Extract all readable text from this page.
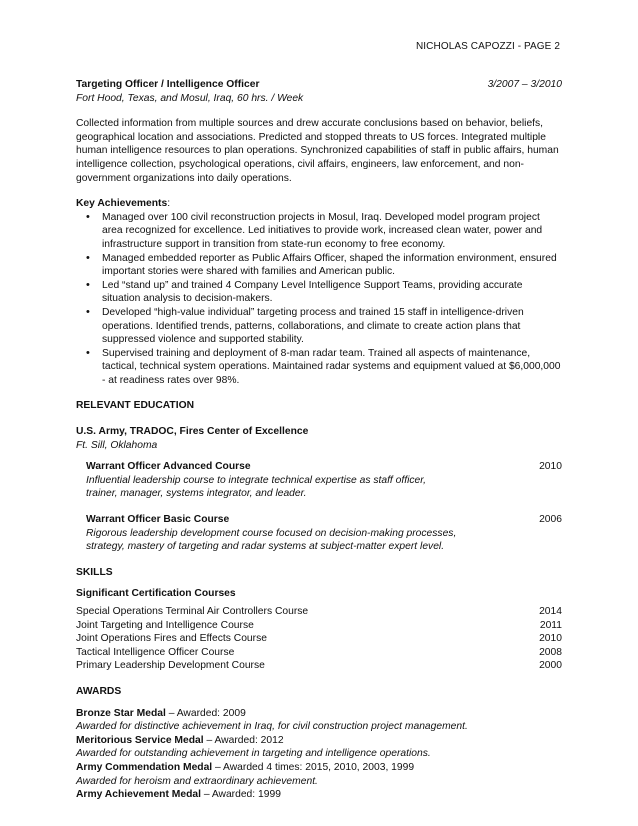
NICHOLAS CAPOZZI - PAGE 2
Targeting Officer / Intelligence Officer	3/2007 – 3/2010
Fort Hood, Texas, and Mosul, Iraq, 60 hrs. / Week

Collected information from multiple sources and drew accurate conclusions based on behavior, beliefs, geographical location and associations. Predicted and stopped threats to US forces. Integrated multiple human intelligence resources to plan operations. Synchronized capabilities of staff in public affairs, human intelligence collection, psychological operations, civil affairs, engineers, law enforcement, and non-government organizations into daily operations.

Key Achievements:
• Managed over 100 civil reconstruction projects in Mosul, Iraq. Developed model program project area recognized for excellence. Led initiatives to provide work, increased clean water, power and infrastructure support in transition from state-run economy to free economy.
• Managed embedded reporter as Public Affairs Officer, shaped the information environment, ensured important stories were shared with families and American public.
• Led “stand up” and trained 4 Company Level Intelligence Support Teams, providing accurate situation analysis to decision-makers.
• Developed “high-value individual” targeting process and trained 15 staff in intelligence-driven operations. Identified trends, patterns, collaborations, and climate to create action plans that suppressed violence and supported stability.
• Supervised training and deployment of 8-man radar team. Trained all aspects of maintenance, tactical, technical system operations. Maintained radar systems and equipment valued at $6,000,000 - at readiness rates over 98%.
RELEVANT EDUCATION
U.S. Army, TRADOC, Fires Center of Excellence
Ft. Sill, Oklahoma
Warrant Officer Advanced Course	2010
Influential leadership course to integrate technical expertise as staff officer,
trainer, manager, systems integrator, and leader.
Warrant Officer Basic Course	2006
Rigorous leadership development course focused on decision-making processes,
strategy, mastery of targeting and radar systems at subject-matter expert level.
SKILLS
Significant Certification Courses
Special Operations Terminal Air Controllers Course	2014
Joint Targeting and Intelligence Course	2011
Joint Operations Fires and Effects Course	2010
Tactical Intelligence Officer Course	2008
Primary Leadership Development Course	2000
AWARDS
Bronze Star Medal – Awarded: 2009
Awarded for distinctive achievement in Iraq, for civil construction project management.
Meritorious Service Medal – Awarded: 2012
Awarded for outstanding achievement in targeting and intelligence operations.
Army Commendation Medal – Awarded 4 times: 2015, 2010, 2003, 1999
Awarded for heroism and extraordinary achievement.
Army Achievement Medal – Awarded: 1999
